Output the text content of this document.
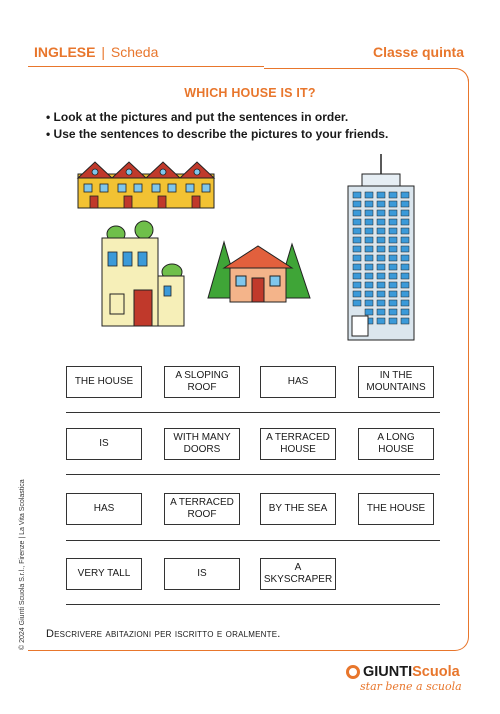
INGLESE | Scheda	Classe quinta
WHICH HOUSE IS IT?
• Look at the pictures and put the sentences in order.
• Use the sentences to describe the pictures to your friends.
THE HOUSE
A SLOPING ROOF
HAS
IN THE MOUNTAINS
IS
WITH MANY DOORS
A TERRACED HOUSE
A LONG HOUSE
HAS
A TERRACED ROOF
BY THE SEA	THE HOUSE
VERY TALL	IS
A SKYSCRAPER
Descrivere abitazioni per iscritto e oralmente.
© 2024 Giunti Scuola S.r.l., Firenze | La Vita Scolastica
GIUNTI Scuola
star bene a scuola
